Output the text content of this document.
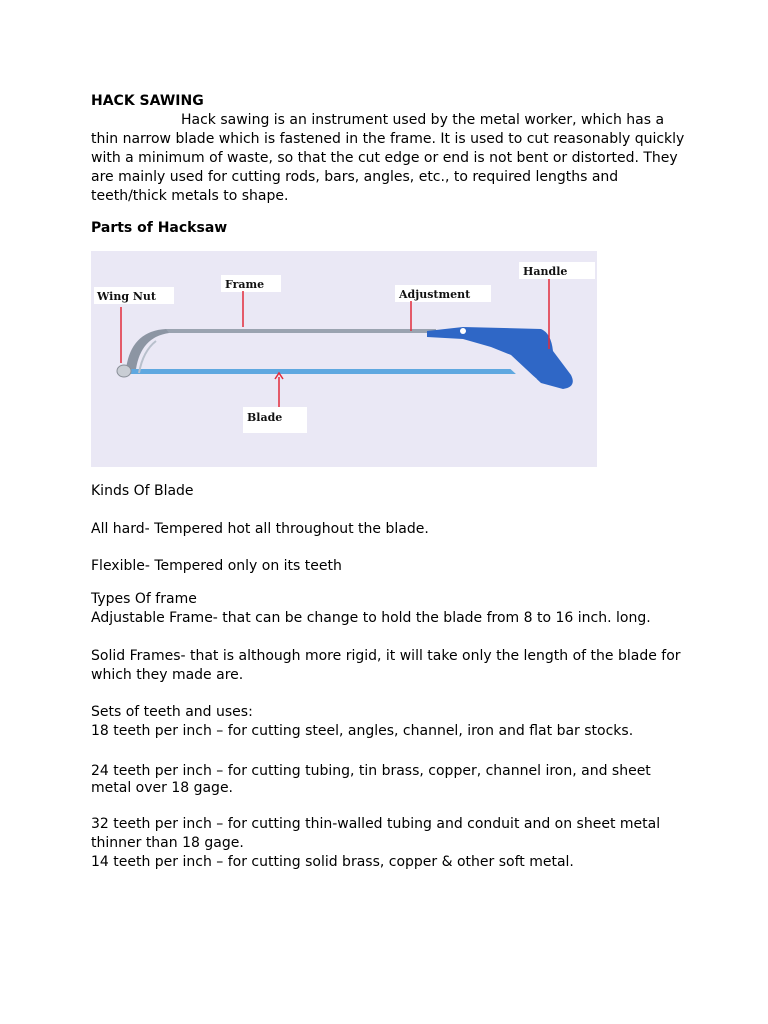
HACK SAWING
Hack sawing is an instrument used by the metal worker, which has a
thin narrow blade which is fastened in the frame. It is used to cut reasonably quickly
with a minimum of waste, so that the cut edge or end is not bent or distorted. They
are mainly used for cutting rods, bars, angles, etc., to required lengths and
teeth/thick metals to shape.
Parts of Hacksaw
Wing Nut
Frame
Adjustment
Handle
Blade
Kinds Of Blade
All hard- Tempered hot all throughout the blade.
Flexible- Tempered only on its teeth
Types Of frame
Adjustable Frame- that can be change to hold the blade from 8 to 16 inch. long.
Solid Frames- that is although more rigid, it will take only the length of the blade for
which they made are.
Sets of teeth and uses:
18 teeth per inch – for cutting steel, angles, channel, iron and flat bar stocks.
24 teeth per inch – for cutting tubing, tin brass, copper, channel iron, and sheet
metal over 18 gage.
32 teeth per inch – for cutting thin-walled tubing and conduit and on sheet metal
thinner than 18 gage.
14 teeth per inch – for cutting solid brass, copper & other soft metal.
